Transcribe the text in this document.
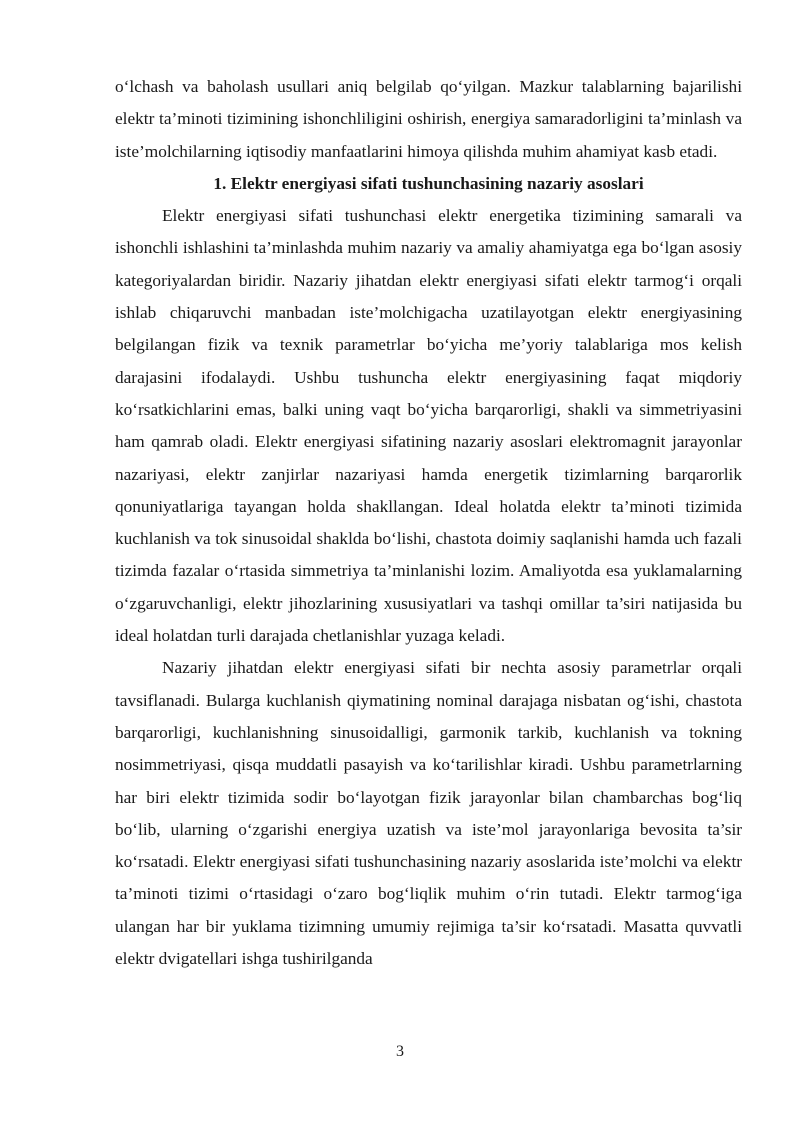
o‘lchash va baholash usullari aniq belgilab qo‘yilgan. Mazkur talablarning bajarilishi elektr ta’minoti tizimining ishonchliligini oshirish, energiya samaradorligini ta’minlash va iste’molchilarning iqtisodiy manfaatlarini himoya qilishda muhim ahamiyat kasb etadi.

1. Elektr energiyasi sifati tushunchasining nazariy asoslari

Elektr energiyasi sifati tushunchasi elektr energetika tizimining samarali va ishonchli ishlashini ta’minlashda muhim nazariy va amaliy ahamiyatga ega bo‘lgan asosiy kategoriyalardan biridir. Nazariy jihatdan elektr energiyasi sifati elektr tarmog‘i orqali ishlab chiqaruvchi manbadan iste’molchigacha uzatilayotgan elektr energiyasining belgilangan fizik va texnik parametrlar bo‘yicha me’yoriy talablariga mos kelish darajasini ifodalaydi. Ushbu tushuncha elektr energiyasining faqat miqdoriy ko‘rsatkichlarini emas, balki uning vaqt bo‘yicha barqarorligi, shakli va simmetriyasini ham qamrab oladi. Elektr energiyasi sifatining nazariy asoslari elektromagnit jarayonlar nazariyasi, elektr zanjirlar nazariyasi hamda energetik tizimlarning barqarorlik qonuniyatlariga tayangan holda shakllangan. Ideal holatda elektr ta’minoti tizimida kuchlanish va tok sinusoidal shaklda bo‘lishi, chastota doimiy saqlanishi hamda uch fazali tizimda fazalar o‘rtasida simmetriya ta’minlanishi lozim. Amaliyotda esa yuklamalarning o‘zgaruvchanligi, elektr jihozlarining xususiyatlari va tashqi omillar ta’siri natijasida bu ideal holatdan turli darajada chetlanishlar yuzaga keladi.

Nazariy jihatdan elektr energiyasi sifati bir nechta asosiy parametrlar orqali tavsiflanadi. Bularga kuchlanish qiymatining nominal darajaga nisbatan og‘ishi, chastota barqarorligi, kuchlanishning sinusoidalligi, garmonik tarkib, kuchlanish va tokning nosimmetriyasi, qisqa muddatli pasayish va ko‘tarilishlar kiradi. Ushbu parametrlarning har biri elektr tizimida sodir bo‘layotgan fizik jarayonlar bilan chambarchas bog‘liq bo‘lib, ularning o‘zgarishi energiya uzatish va iste’mol jarayonlariga bevosita ta’sir ko‘rsatadi. Elektr energiyasi sifati tushunchasining nazariy asoslarida iste’molchi va elektr ta’minoti tizimi o‘rtasidagi o‘zaro bog‘liqlik muhim o‘rin tutadi. Elektr tarmog‘iga ulangan har bir yuklama tizimning umumiy rejimiga ta’sir ko‘rsatadi. Masatta quvvatli elektr dvigatellari ishga tushirilganda

3
